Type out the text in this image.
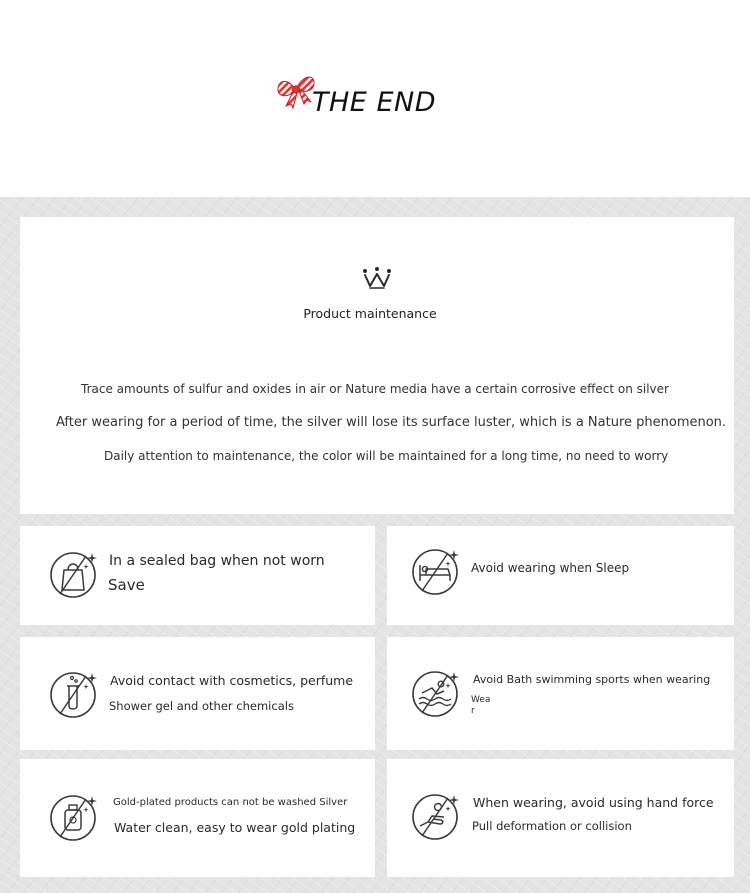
THE END
Product maintenance
Trace amounts of sulfur and oxides in air or Nature media have a certain corrosive effect on silver
After wearing for a period of time, the silver will lose its surface luster, which is a Nature phenomenon.
Daily attention to maintenance, the color will be maintained for a long time, no need to worry
In a sealed bag when not worn
Save
Avoid wearing when Sleep
Avoid contact with cosmetics, perfume
Shower gel and other chemicals
Avoid Bath swimming sports when wearing
Wea
r
Gold-plated products can not be washed Silver
Water clean, easy to wear gold plating
When wearing, avoid using hand force
Pull deformation or collision
